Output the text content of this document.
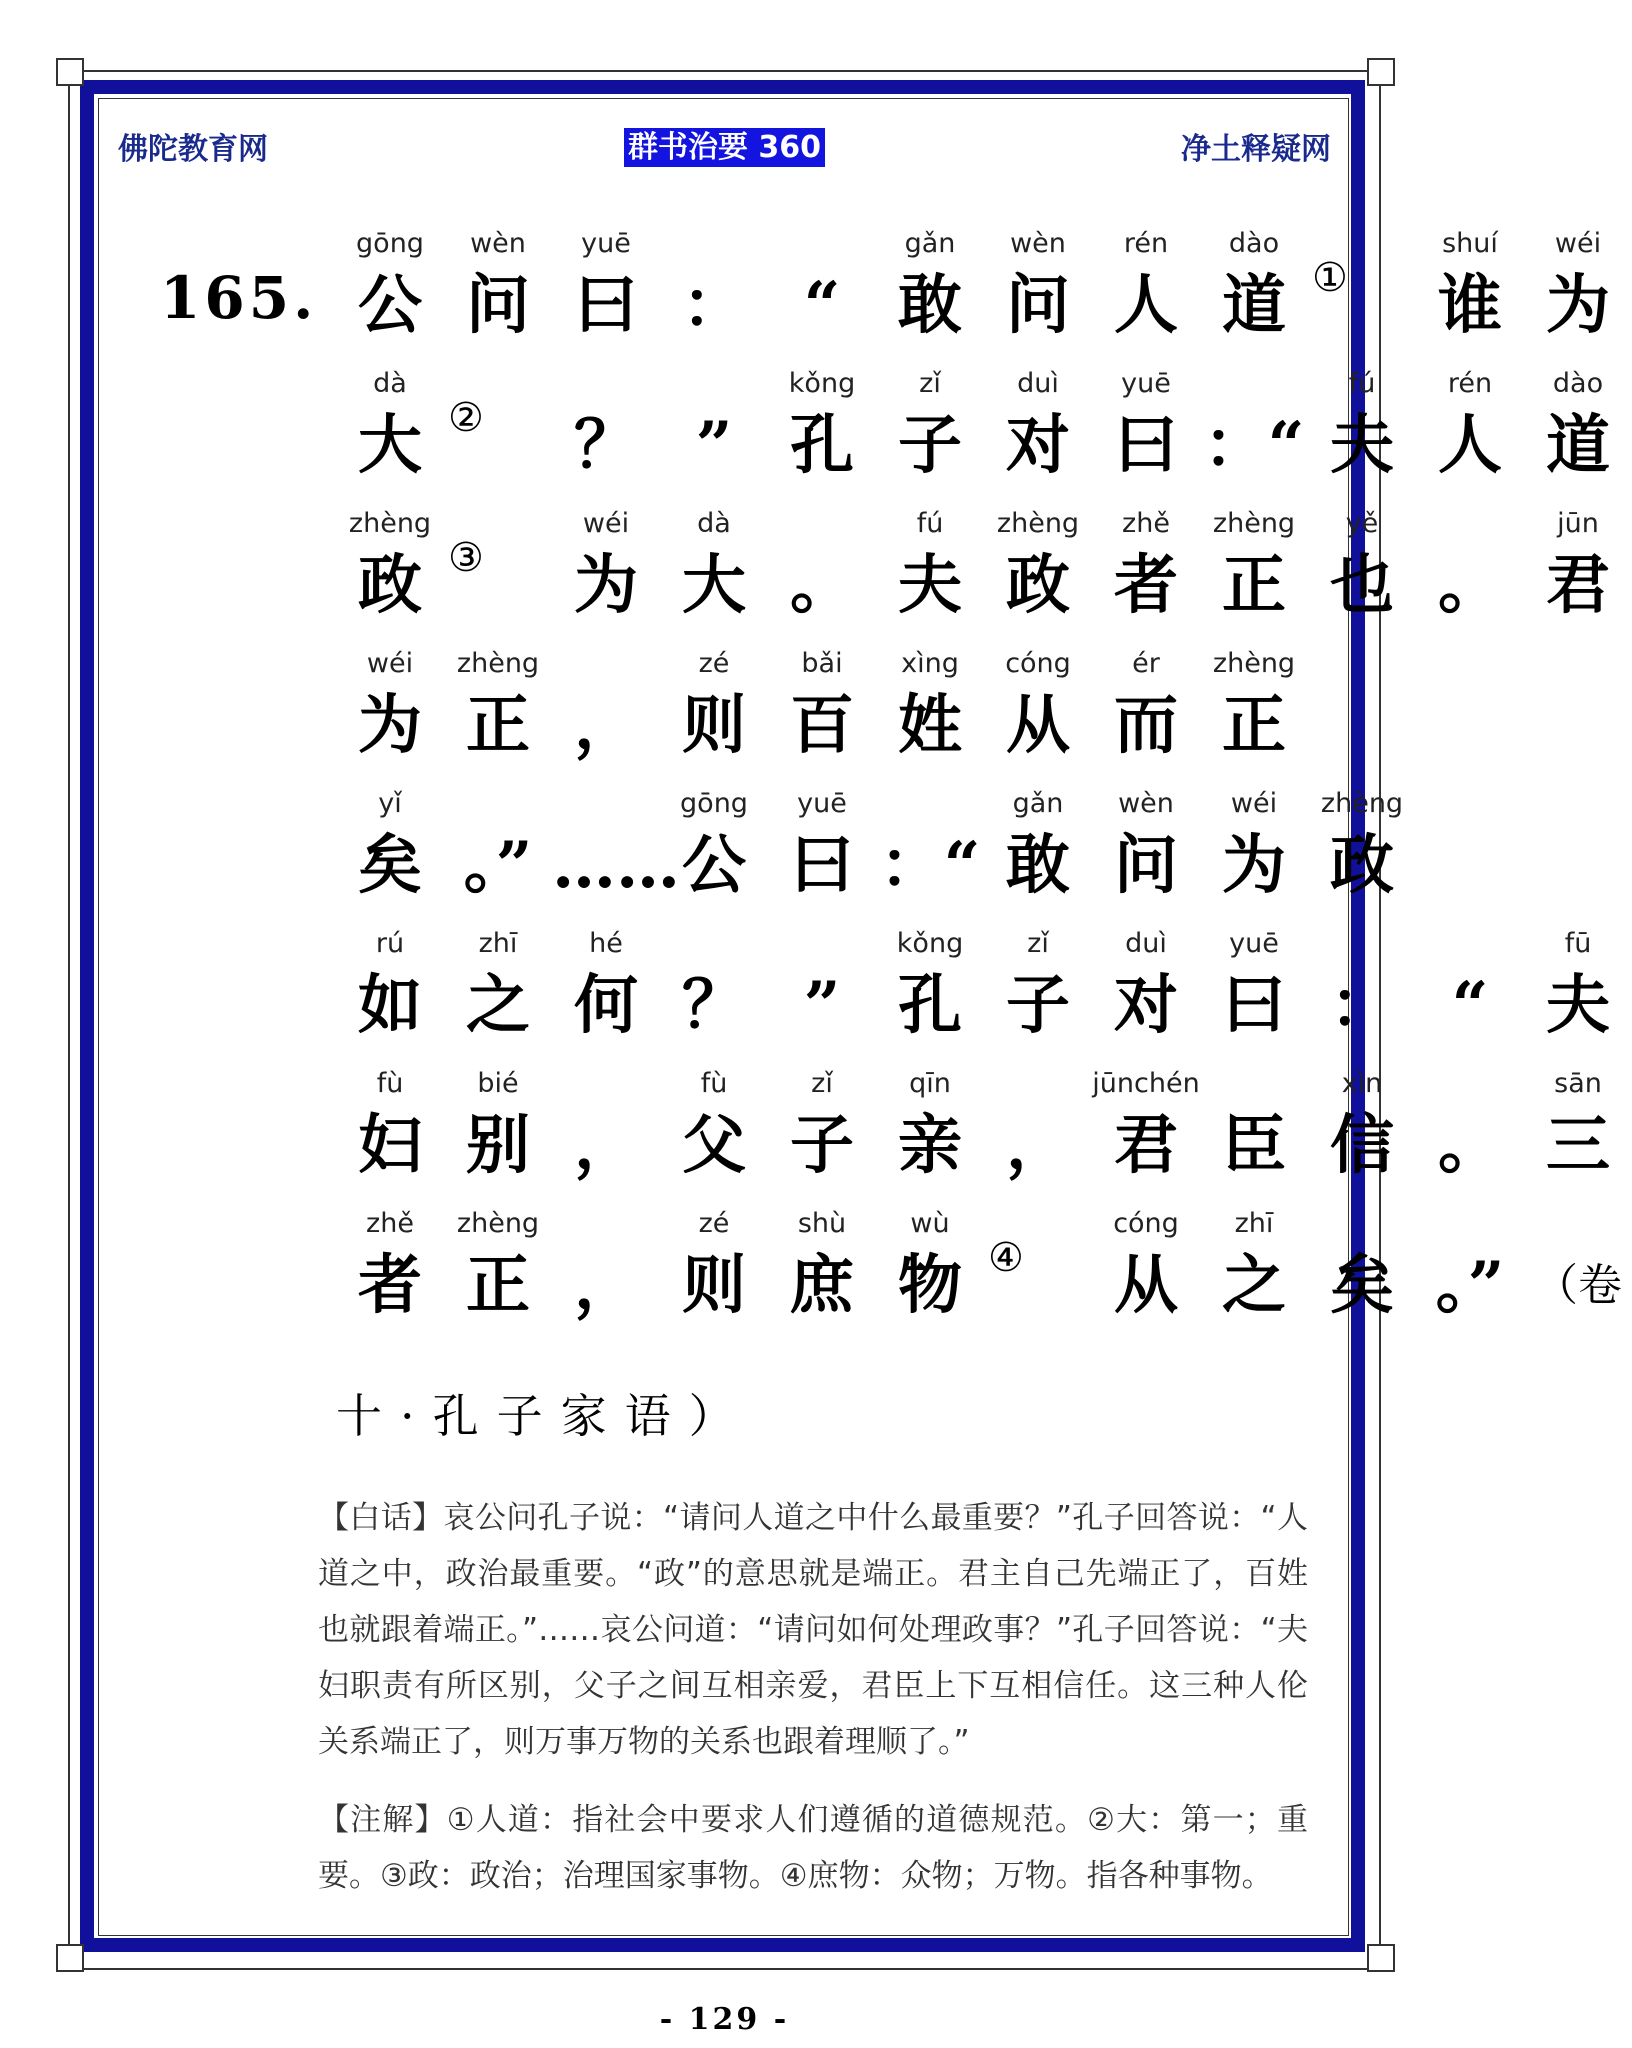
佛陀教育网	群书治要 360	净土释疑网
165.
gōng
公
wèn
问
yuē
曰 ： “
gǎn
敢
wèn
问
rén
人
dào
道 ①
shuí
谁
wéi
为
dà
大 ②	？ ”
kǒng
孔
zǐ
子
duì
对
yuē
曰 ：“
fú
夫
rén
人
dào
道
zhèng
政 ③
wéi
为
dà
大 。
fú
夫
zhèng
政
zhě
者
zhèng
正
yě
也 。
jūn
君
wéi
为
zhèng
正 ，
zé
则
bǎi
百
xìng
姓
cóng
从
ér
而
zhèng
正
yǐ
矣 。” ……
gōng
公
yuē
曰 ：“
gǎn
敢
wèn
问
wéi
为
zhèng
政
rú
如
zhī
之
hé
何 ？ ”
kǒng
孔
zǐ
子
duì
对
yuē
曰 ： “
fū
夫
fù
妇
bié
别 ，
fù
父
zǐ
子
qīn
亲 ，
jūnchén
君 臣
xìn
信 。
sān
三
zhě
者
zhèng
正 ，
zé
则
shù
庶
wù
物 ④
cóng
从
zhī
之 矣 。” （卷
十·孔子家语）
【白话】哀公问孔子说：“请问人道之中什么最重要？”孔子回答说：“人道之中，政治最重要。“政”的意思就是端正。君主自己先端正了，百姓也就跟着端正。”……哀公问道：“请问如何处理政事？”孔子回答说：“夫妇职责有所区别，父子之间互相亲爱，君臣上下互相信任。这三种人伦关系端正了，则万事万物的关系也跟着理顺了。”
【注解】①人道：指社会中要求人们遵循的道德规范。②大：第一；重要。③政：政治；治理国家事物。④庶物：众物；万物。指各种事物。
- 129 -
